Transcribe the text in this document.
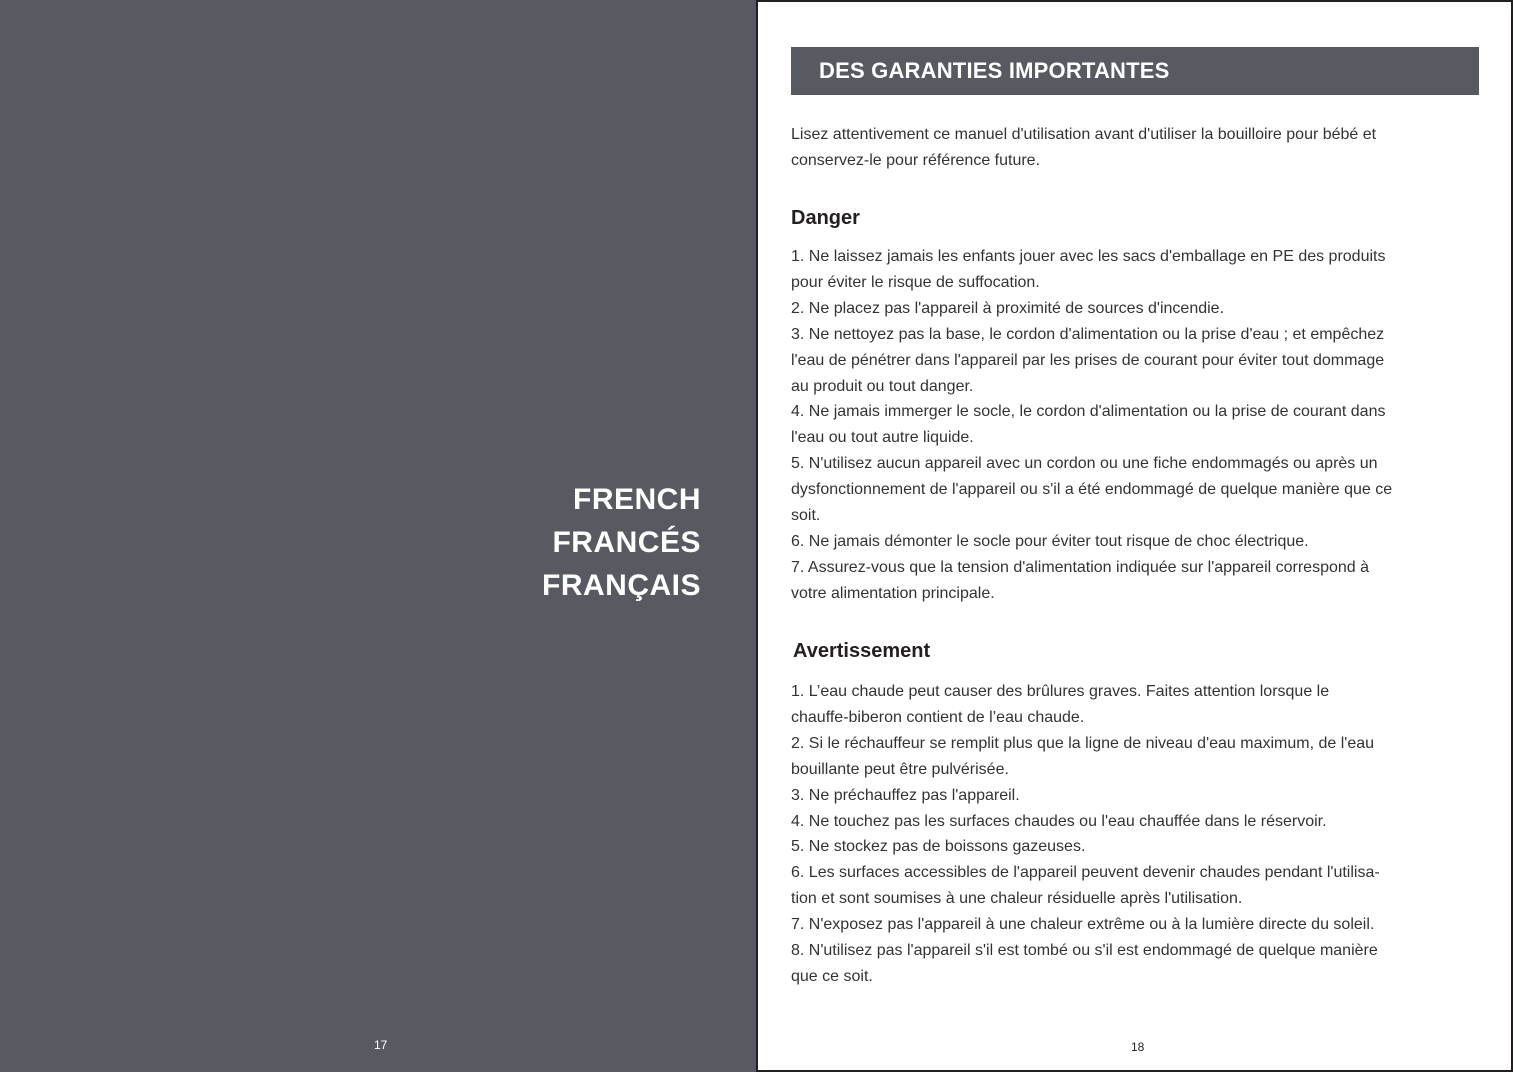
FRENCH
FRANCÉS
FRANÇAIS
17
DES GARANTIES IMPORTANTES
Lisez attentivement ce manuel d'utilisation avant d'utiliser la bouilloire pour bébé et
conservez-le pour référence future.
Danger
1. Ne laissez jamais les enfants jouer avec les sacs d'emballage en PE des produits
pour éviter le risque de suffocation.
2. Ne placez pas l'appareil à proximité de sources d'incendie.
3. Ne nettoyez pas la base, le cordon d'alimentation ou la prise d'eau ; et empêchez
l'eau de pénétrer dans l'appareil par les prises de courant pour éviter tout dommage
au produit ou tout danger.
4. Ne jamais immerger le socle, le cordon d'alimentation ou la prise de courant dans
l'eau ou tout autre liquide.
5. N'utilisez aucun appareil avec un cordon ou une fiche endommagés ou après un
dysfonctionnement de l'appareil ou s'il a été endommagé de quelque manière que ce
soit.
6. Ne jamais démonter le socle pour éviter tout risque de choc électrique.
7. Assurez-vous que la tension d'alimentation indiquée sur l'appareil correspond à
votre alimentation principale.
Avertissement
1. L’eau chaude peut causer des brûlures graves. Faites attention lorsque le
chauffe-biberon contient de l’eau chaude.
2. Si le réchauffeur se remplit plus que la ligne de niveau d'eau maximum, de l'eau
bouillante peut être pulvérisée.
3. Ne préchauffez pas l'appareil.
4. Ne touchez pas les surfaces chaudes ou l'eau chauffée dans le réservoir.
5. Ne stockez pas de boissons gazeuses.
6. Les surfaces accessibles de l'appareil peuvent devenir chaudes pendant l'utilisa-
tion et sont soumises à une chaleur résiduelle après l'utilisation.
7. N'exposez pas l'appareil à une chaleur extrême ou à la lumière directe du soleil.
8. N'utilisez pas l'appareil s'il est tombé ou s'il est endommagé de quelque manière
que ce soit.
18
